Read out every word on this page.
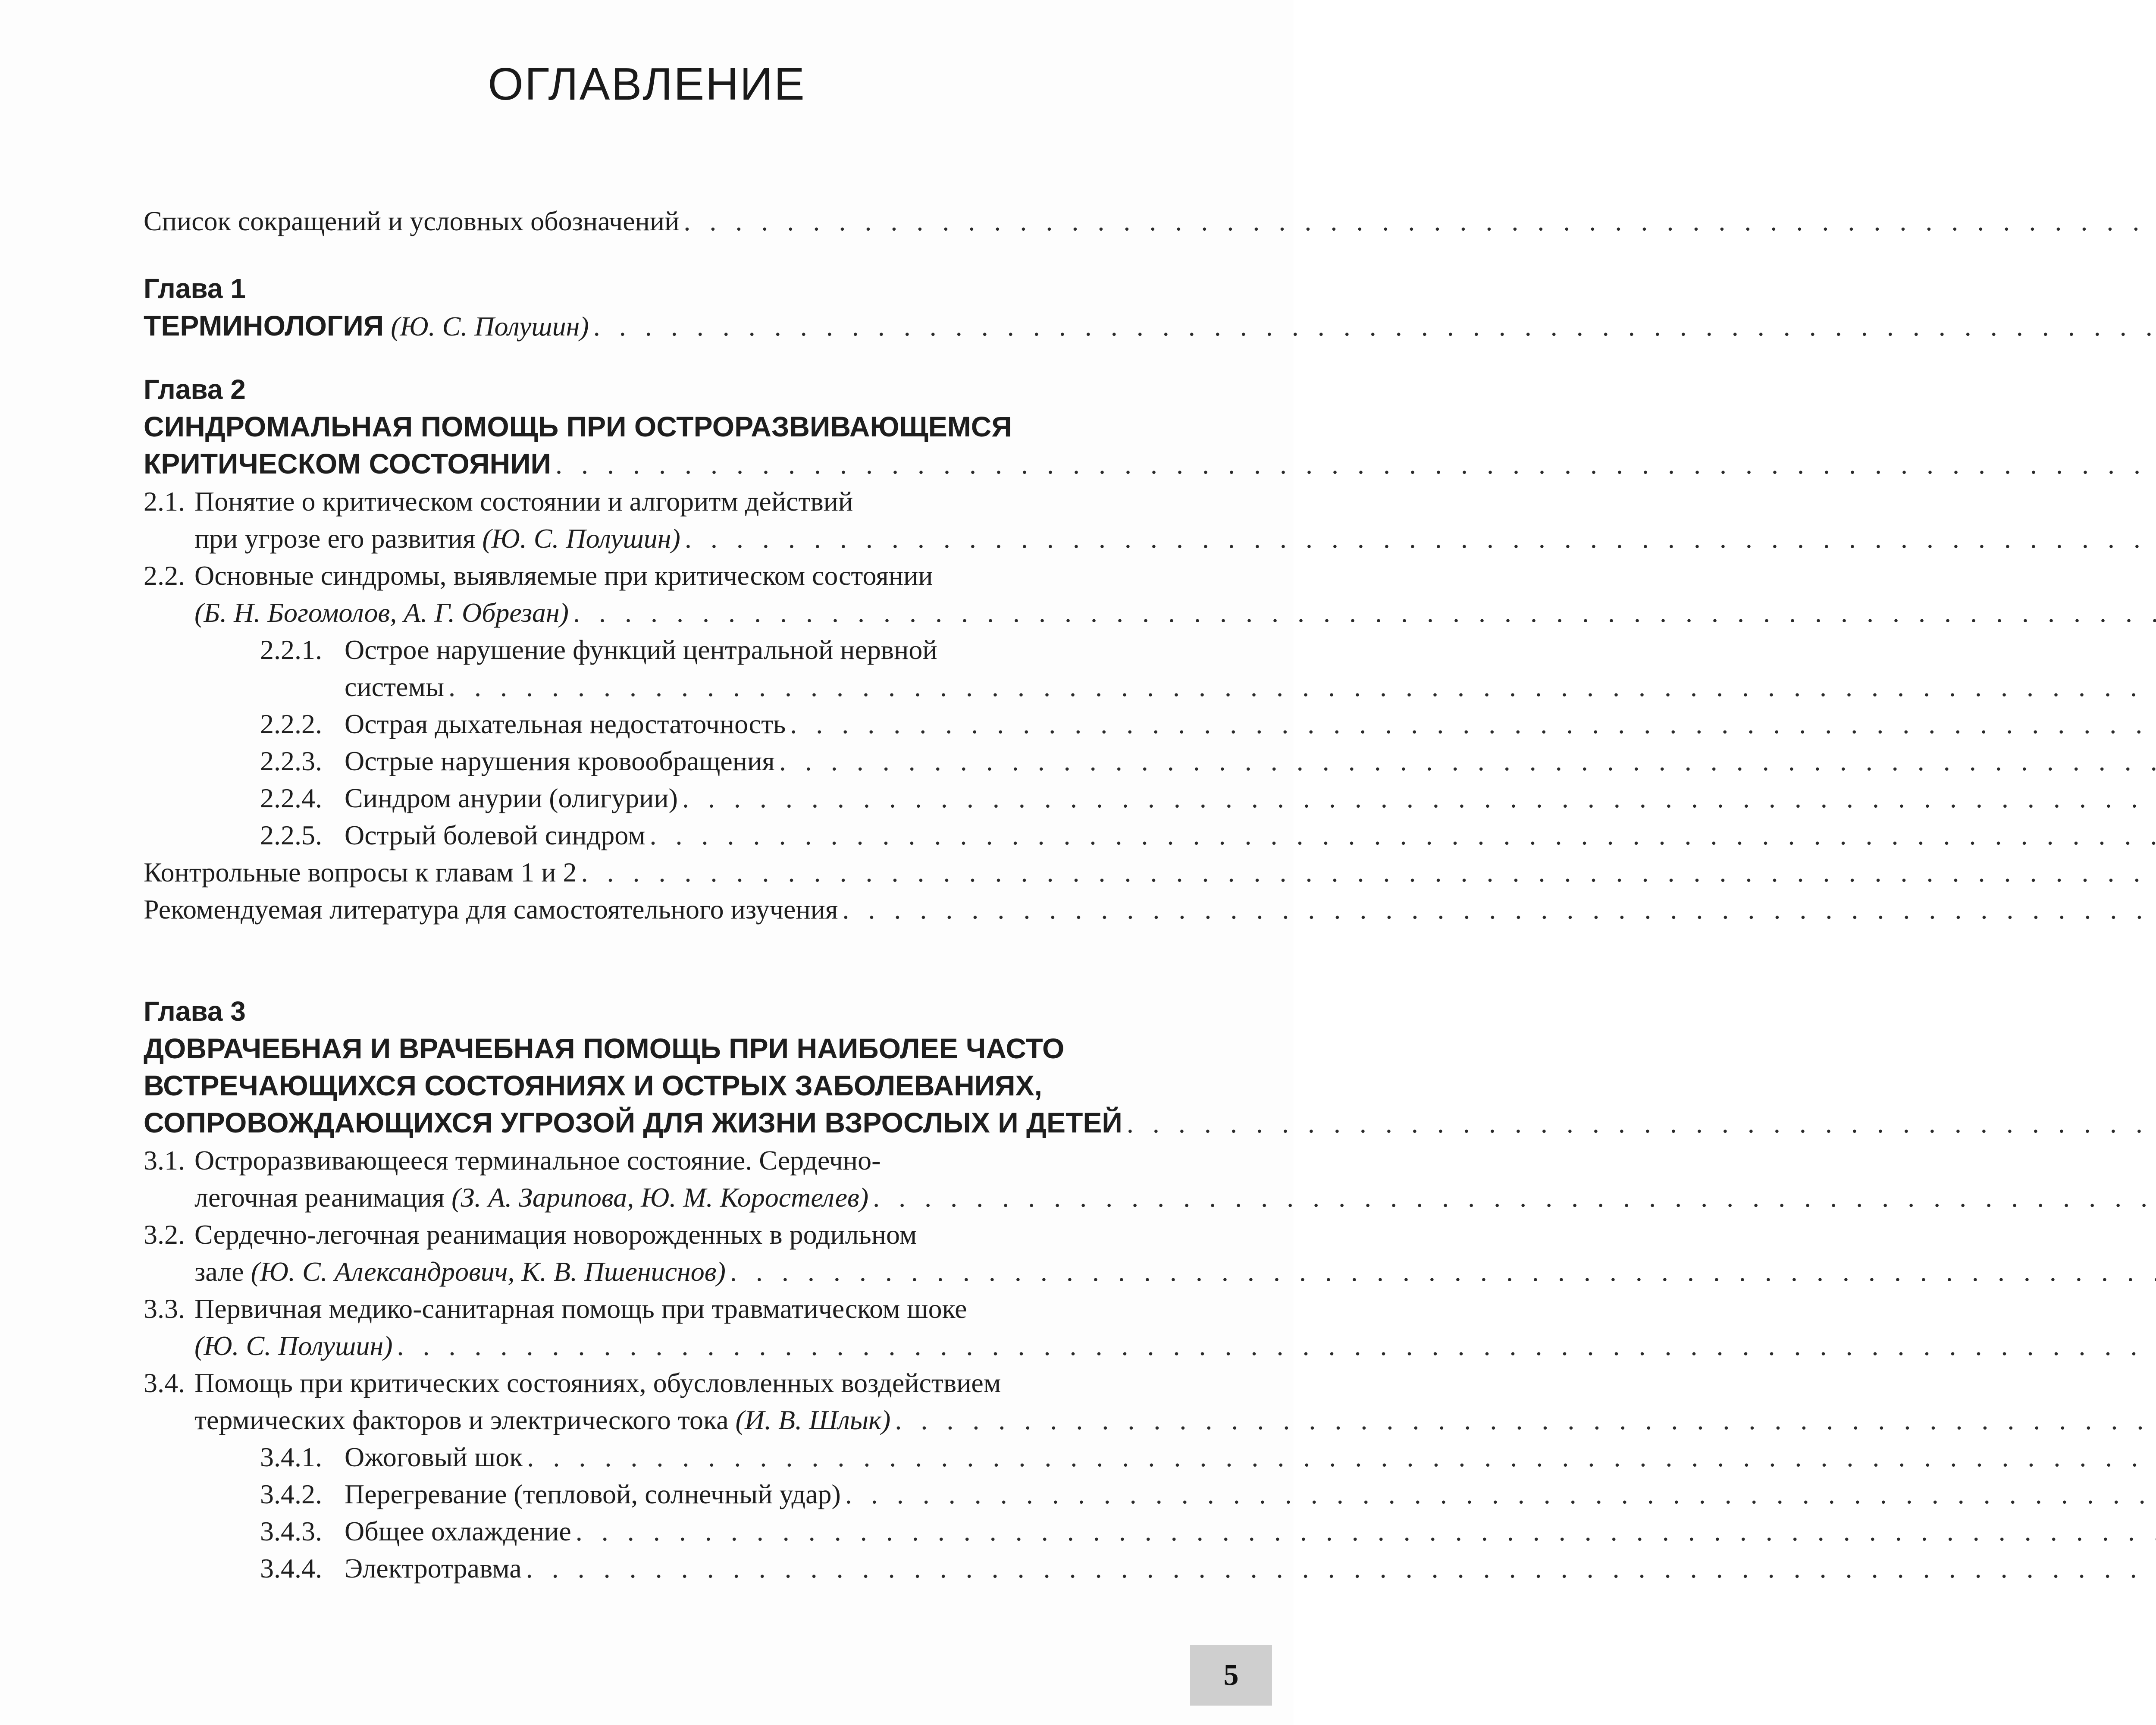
ОГЛАВЛЕНИЕ
Список сокращений и условных обозначений
. . .
Глава 1
ТЕРМИНОЛОГИЯ (Ю. С. Полушин)
. . .
Глава 2
СИНДРОМАЛЬНАЯ ПОМОЩЬ ПРИ ОСТРОРАЗВИВАЮЩЕМСЯ
КРИТИЧЕСКОМ СОСТОЯНИИ
. . .
2.1. Понятие о критическом состоянии и алгоритм действий
при угрозе его развития (Ю. С. Полушин)
. . .
2.2. Основные синдромы, выявляемые при критическом состоянии
(Б. Н. Богомолов, А. Г. Обрезан)
. . .
2.2.1. Острое нарушение функций центральной нервной
системы
. . .
2.2.2. Острая дыхательная недостаточность
. . .
2.2.3. Острые нарушения кровообращения
. . .
2.2.4. Синдром анурии (олигурии)
. . .
2.2.5. Острый болевой синдром
. . .
Контрольные вопросы к главам 1 и 2
. . .
Рекомендуемая литература для самостоятельного изучения
. . .
Глава 3
ДОВРАЧЕБНАЯ И ВРАЧЕБНАЯ ПОМОЩЬ ПРИ НАИБОЛЕЕ ЧАСТО
ВСТРЕЧАЮЩИХСЯ СОСТОЯНИЯХ И ОСТРЫХ ЗАБОЛЕВАНИЯХ,
СОПРОВОЖДАЮЩИХСЯ УГРОЗОЙ ДЛЯ ЖИЗНИ ВЗРОСЛЫХ И ДЕТЕЙ
. . .
3.1. Остроразвивающееся терминальное состояние. Сердечно-
легочная реанимация (З. А. Зарипова, Ю. М. Коростелев)
. . .
3.2. Сердечно-легочная реанимация новорожденных в родильном
зале (Ю. С. Александрович, К. В. Пшениснов)
. . .
3.3. Первичная медико-санитарная помощь при травматическом шоке
(Ю. С. Полушин)
. . .
3.4. Помощь при критических состояниях, обусловленных воздействием
термических факторов и электрического тока (И. В. Шлык)
. . .
3.4.1. Ожоговый шок
. . .
3.4.2. Перегревание (тепловой, солнечный удар)
. . .
3.4.3. Общее охлаждение
. . .
3.4.4. Электротравма
. . .
5
